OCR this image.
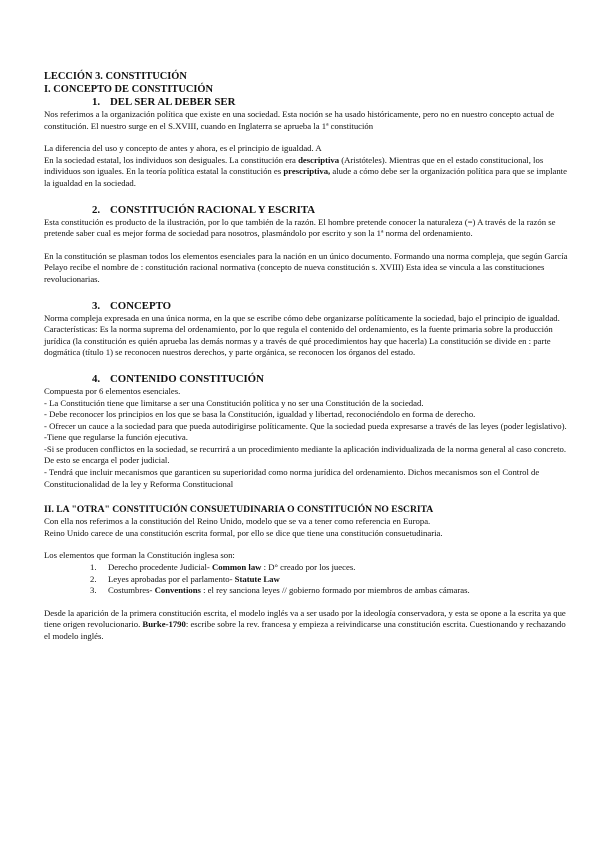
LECCIÓN 3. CONSTITUCIÓN
I. CONCEPTO DE CONSTITUCIÓN
1. DEL SER AL DEBER SER

Nos referimos a la organización política que existe en una sociedad. Esta noción se ha usado históricamente, pero no en nuestro concepto actual de constitución. El nuestro surge en el S.XVIII, cuando en Inglaterra se aprueba la 1ª constitución

La diferencia del uso y concepto de antes y ahora, es el principio de igualdad. A

En la sociedad estatal, los individuos son desiguales. La constitución era descriptiva (Aristóteles). Mientras que en el estado constitucional, los individuos son iguales. En la teoría política estatal la constitución es prescriptiva, alude a cómo debe ser la organización política para que se implante la igualdad en la sociedad.

2. CONSTITUCIÓN RACIONAL Y ESCRITA

Esta constitución es producto de la ilustración, por lo que también de la razón. El hombre pretende conocer la naturaleza (=) A través de la razón se pretende saber cual es mejor forma de sociedad para nosotros, plasmándolo por escrito y son la 1ª norma del ordenamiento.

En la constitución se plasman todos los elementos esenciales para la nación en un único documento. Formando una norma compleja, que según García Pelayo recibe el nombre de : constitución racional normativa (concepto de nueva constitución s. XVIII) Esta idea se vincula a las constituciones revolucionarias.

3. CONCEPTO

Norma compleja expresada en una única norma, en la que se escribe cómo debe organizarse políticamente la sociedad, bajo el principio de igualdad.

Características: Es la norma suprema del ordenamiento, por lo que regula el contenido del ordenamiento, es la fuente primaria sobre la producción jurídica (la constitución es quién aprueba las demás normas y a través de qué procedimientos hay que hacerla) La constitución se divide en : parte dogmática (título 1) se reconocen nuestros derechos, y parte orgánica, se reconocen los órganos del estado.

4. CONTENIDO CONSTITUCIÓN

Compuesta por 6 elementos esenciales.

- La Constitución tiene que limitarse a ser una Constitución política y no ser una Constitución de la sociedad.

- Debe reconocer los principios en los que se basa la Constitución, igualdad y libertad, reconociéndolo en forma de derecho.

- Ofrecer un cauce a la sociedad para que pueda autodirigirse políticamente. Que la sociedad pueda expresarse a través de las leyes (poder legislativo).

-Tiene que regularse la función ejecutiva.

-Si se producen conflictos en la sociedad, se recurrirá a un procedimiento mediante la aplicación individualizada de la norma general al caso concreto. De esto se encarga el poder judicial.

- Tendrá que incluir mecanismos que garanticen su superioridad como norma jurídica del ordenamiento. Dichos mecanismos son el Control de Constitucionalidad de la ley y Reforma Constitucional

II. LA "OTRA" CONSTITUCIÓN CONSUETUDINARIA O CONSTITUCIÓN NO ESCRITA

Con ella nos referimos a la constitución del Reino Unido, modelo que se va a tener como referencia en Europa.

Reino Unido carece de una constitución escrita formal, por ello se dice que tiene una constitución consuetudinaria.

Los elementos que forman la Constitución inglesa son:

1.	Derecho procedente Judicial- Common law : D° creado por los jueces.
2.	Leyes aprobadas por el parlamento- Statute Law
3.	Costumbres- Conventions : el rey sanciona leyes // gobierno formado por miembros de ambas cámaras.

Desde la aparición de la primera constitución escrita, el modelo inglés va a ser usado por la ideología conservadora, y esta se opone a la escrita ya que tiene origen revolucionario. Burke-1790: escribe sobre la rev. francesa y empieza a reivindicarse una constitución escrita. Cuestionando y rechazando el modelo inglés.
